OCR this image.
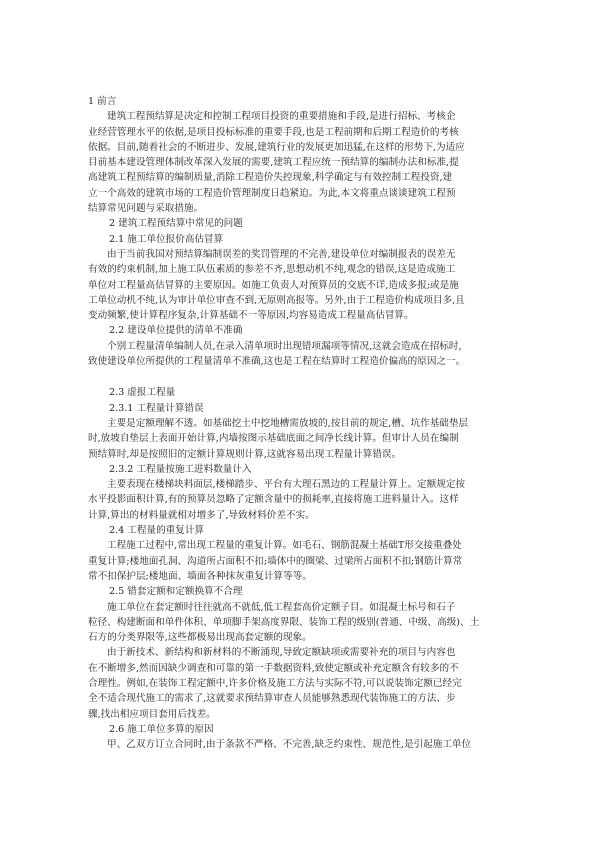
1 前言
建筑工程预结算是决定和控制工程项目投资的重要措施和手段,是进行招标、考核企
业经营管理水平的依据,是项目投标标准的重要手段,也是工程前期和后期工程造价的考核
依据。目前,随着社会的不断进步、发展,建筑行业的发展更加迅猛,在这样的形势下,为适应
目前基本建设管理体制改革深入发展的需要,建筑工程应统一预结算的编制办法和标准,提
高建筑工程预结算的编制质量,消除工程造价失控现象,科学确定与有效控制工程投资,建
立一个高效的建筑市场的工程造价管理制度日趋紧迫。为此,本文将重点谈谈建筑工程预
结算常见问题与采取措施。
2 建筑工程预结算中常见的问题
2.1 施工单位报价高估冒算
由于当前我国对预结算编制误差的奖罚管理的不完善,建设单位对编制报表的误差无
有效的约束机制,加上施工队伍素质的参差不齐,思想动机不纯,观念的错误,这是造成施工
单位对工程量高估冒算的主要原因。如施工负责人对预算员的交底不详,造成多报;或是施
工单位动机不纯,认为审计单位审查不到,无原则高报等。另外,由于工程造价构成项目多,且
变动频繁,使计算程序复杂,计算基础不一等原因,均容易造成工程量高估冒算。
2.2 建设单位提供的清单不准确
个别工程量清单编制人员,在录入清单项时出现错项漏项等情况,这就会造成在招标时,
致使建设单位所提供的工程量清单不准确,这也是工程在结算时工程造价偏高的原因之一。
2.3 虚报工程量
2.3.1 工程量计算错误
主要是定额理解不透。如基础挖土中挖地槽需放坡的,按目前的规定,槽、坑作基础垫层
时,放坡自垫层上表面开始计算,内墙按图示基础底面之间净长线计算。但审计人员在编制
预结算时,却是按照旧的定额计算规则计算,这就容易出现工程量计算错误。
2.3.2 工程量按施工进料数量计入
主要表现在楼梯块料面层,楼梯踏步、平台有大理石黑边的工程量计算上。定额规定按
水平投影面积计算,有的预算员忽略了定额含量中的损耗率,直接将施工进料量计入。这样
计算,算出的材料量就相对增多了,导致材料价差不实。
2.4 工程量的重复计算
工程施工过程中,常出现工程量的重复计算。如毛石、钢筋混凝土基础T形交接重叠处
重复计算;楼地面孔洞、沟道所占面积不扣;墙体中的圈梁、过梁所占面积不扣;钢筋计算常
常不扣保护层;楼地面、墙面各种抹灰重复计算等等。
2.5 错套定额和定额换算不合理
施工单位在套定额时往往就高不就低,低工程套高价定额子目。如混凝土标号和石子
粒径、构建断面和单件体积、单项脚手架高度界限、装饰工程的级别(普通、中级、高级)、土
石方的分类界限等,这些都极易出现高套定额的现象。
由于新技术、新结构和新材料的不断涌现,导致定额缺项或需要补充的项目与内容也
在不断增多,然而因缺少调查和可靠的第一手数据资料,致使定额或补充定额含有较多的不
合理性。例如,在装饰工程定额中,许多价格及施工方法与实际不符,可以说装饰定额已经完
全不适合现代施工的需求了,这就要求预结算审查人员能够熟悉现代装饰施工的方法、步
骤,找出相应项目套用后找差。
2.6 施工单位多算的原因
甲、乙双方订立合同时,由于条款不严格、不完善,缺乏约束性、规范性,是引起施工单位
